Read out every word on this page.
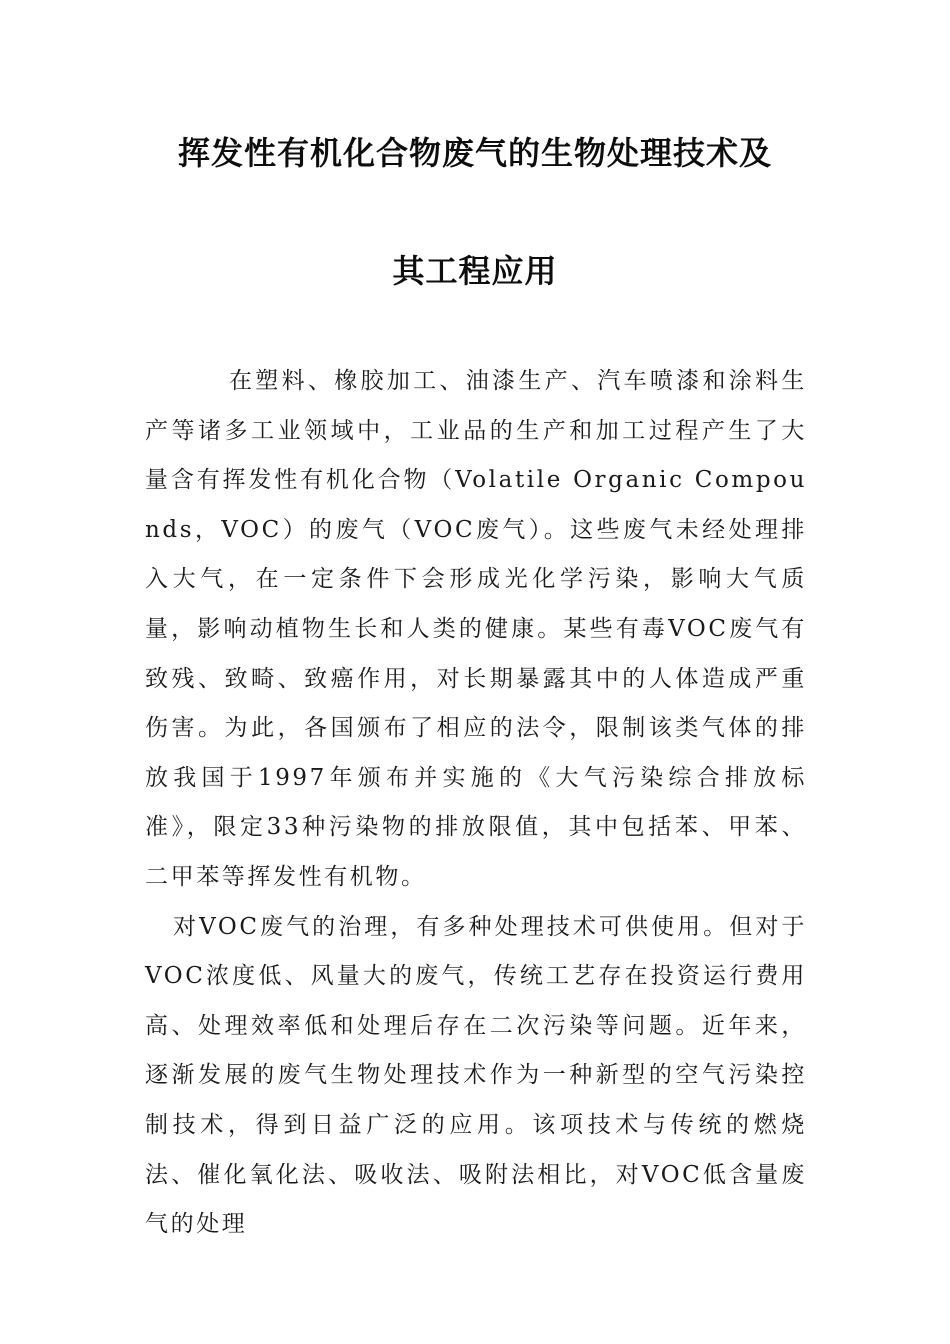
挥发性有机化合物废气的生物处理技术及
其工程应用

在塑料、橡胶加工、油漆生产、汽车喷漆和涂料生产等诸多工业领域中，工业品的生产和加工过程产生了大量含有挥发性有机化合物（Volatile Organic Compounds，VOC）的废气（VOC废气）。这些废气未经处理排入大气，在一定条件下会形成光化学污染，影响大气质量，影响动植物生长和人类的健康。某些有毒VOC废气有致残、致畸、致癌作用，对长期暴露其中的人体造成严重伤害。为此，各国颁布了相应的法令，限制该类气体的排放我国于1997年颁布并实施的《大气污染综合排放标准》，限定33种污染物的排放限值，其中包括苯、甲苯、二甲苯等挥发性有机物。

对VOC废气的治理，有多种处理技术可供使用。但对于VOC浓度低、风量大的废气，传统工艺存在投资运行费用高、处理效率低和处理后存在二次污染等问题。近年来，逐渐发展的废气生物处理技术作为一种新型的空气污染控制技术，得到日益广泛的应用。该项技术与传统的燃烧法、催化氧化法、吸收法、吸附法相比，对VOC低含量废气的处理
